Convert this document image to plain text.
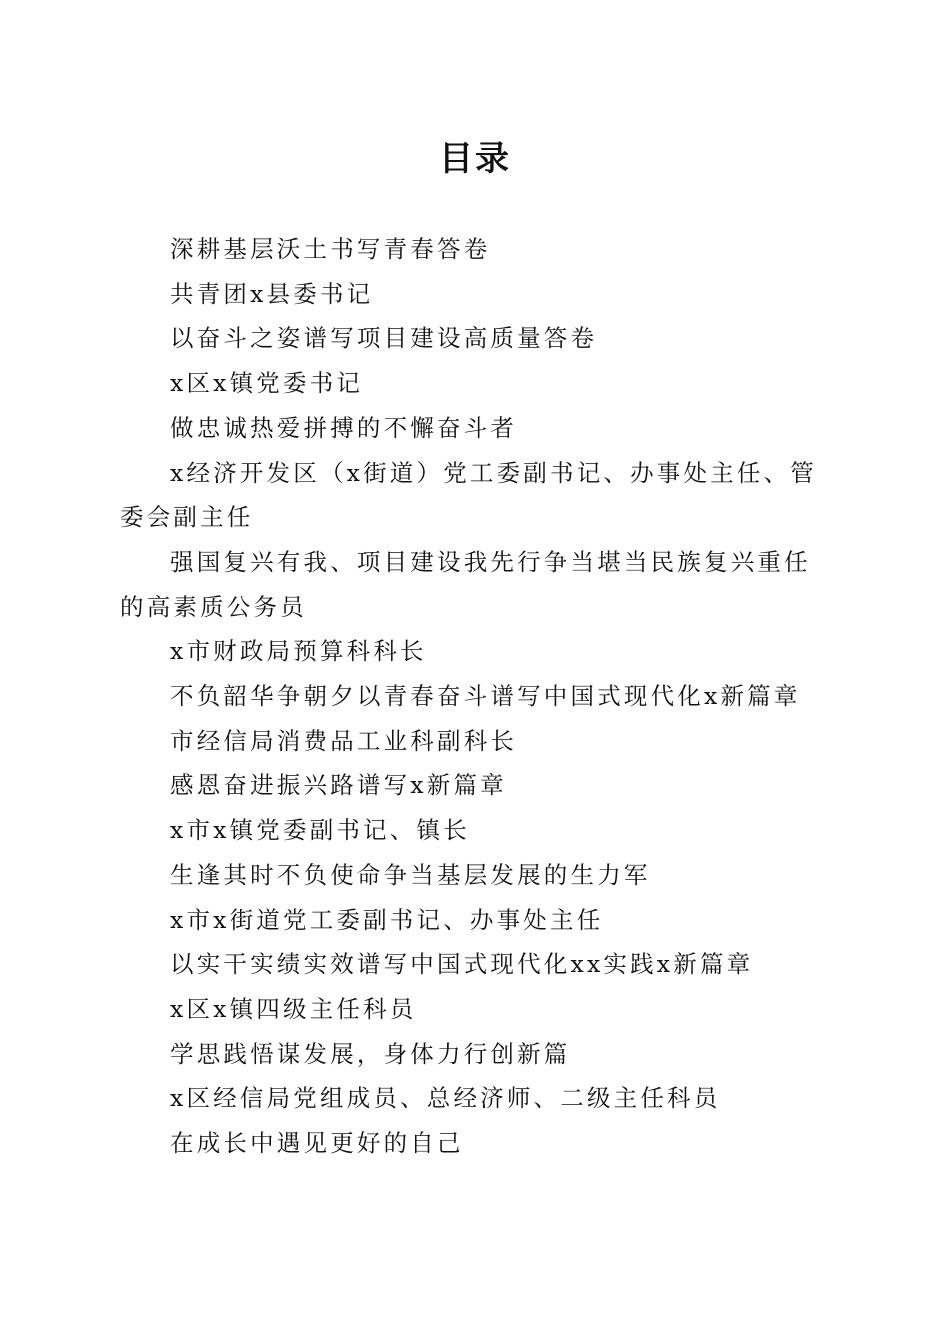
目录
深耕基层沃土书写青春答卷
共青团x县委书记
以奋斗之姿谱写项目建设高质量答卷
x区x镇党委书记
做忠诚热爱拼搏的不懈奋斗者
x经济开发区（x街道）党工委副书记、办事处主任、管委会副主任
强国复兴有我、项目建设我先行争当堪当民族复兴重任的高素质公务员
x市财政局预算科科长
不负韶华争朝夕以青春奋斗谱写中国式现代化x新篇章
市经信局消费品工业科副科长
感恩奋进振兴路谱写x新篇章
x市x镇党委副书记、镇长
生逢其时不负使命争当基层发展的生力军
x市x街道党工委副书记、办事处主任
以实干实绩实效谱写中国式现代化xx实践x新篇章
x区x镇四级主任科员
学思践悟谋发展，身体力行创新篇
x区经信局党组成员、总经济师、二级主任科员
在成长中遇见更好的自己
